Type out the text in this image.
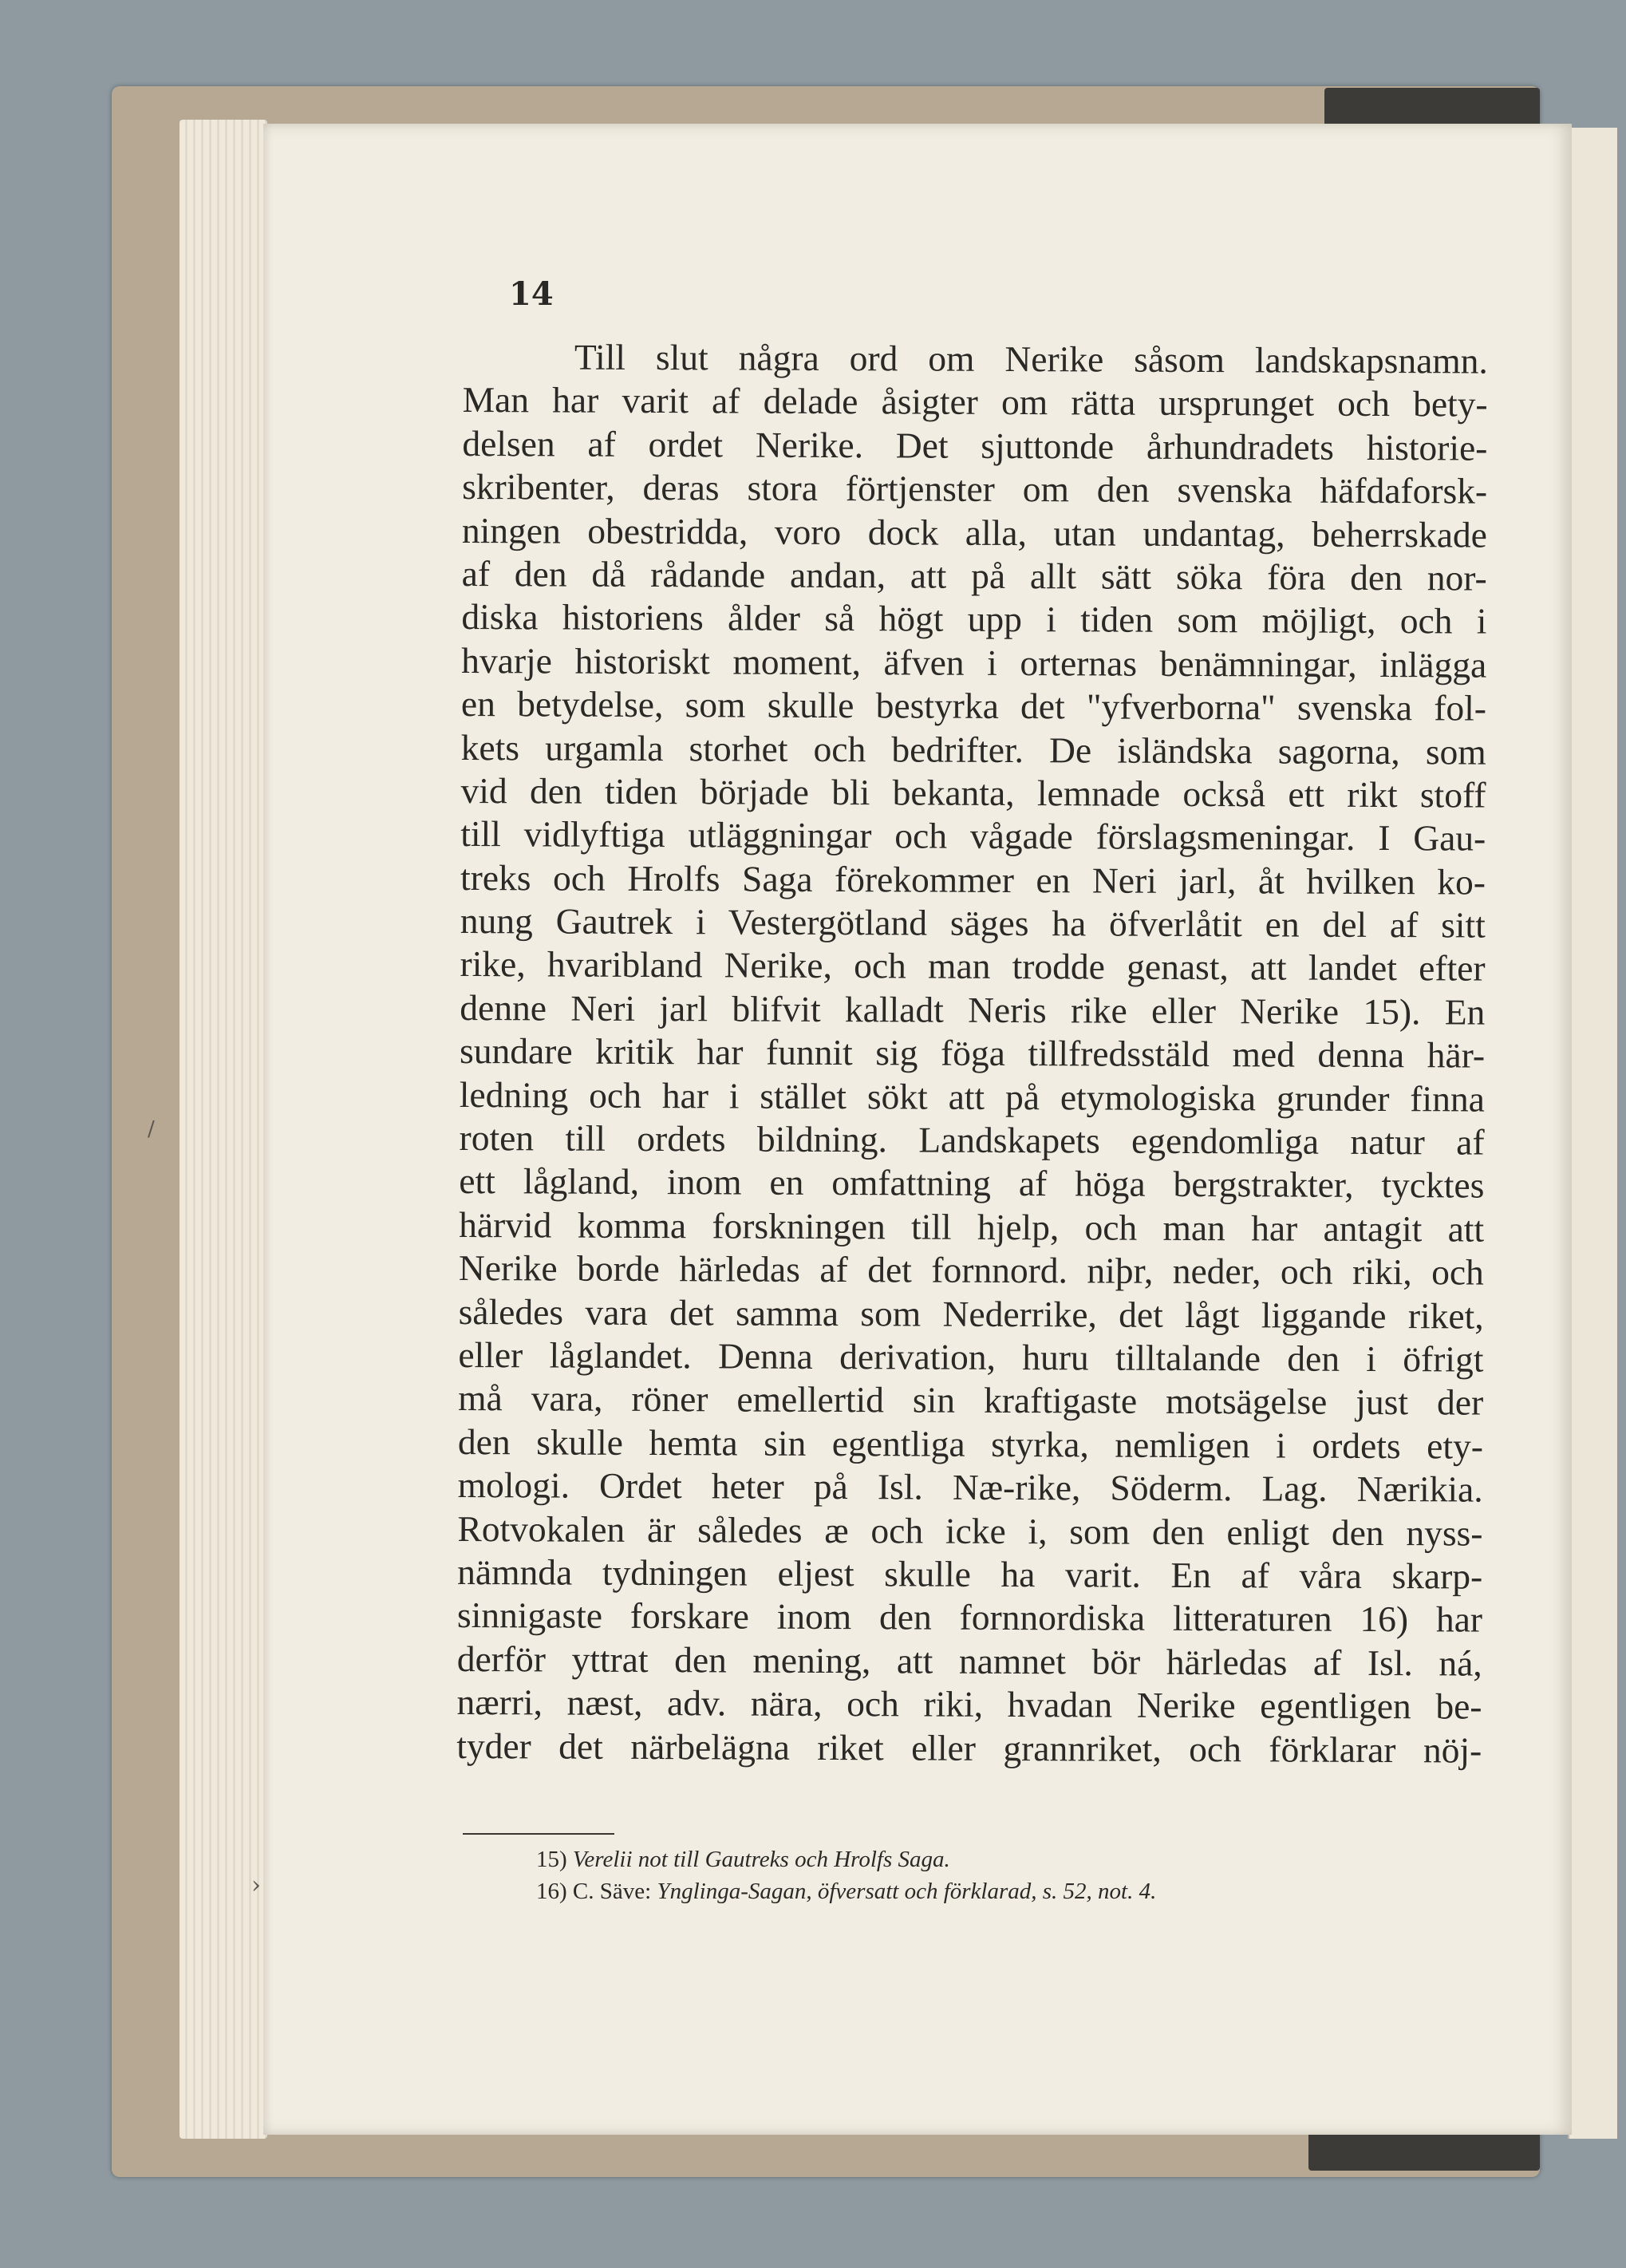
14
Till slut några ord om Nerike såsom landskapsnamn.
Man har varit af delade åsigter om rätta ursprunget och bety-
delsen af ordet Nerike. Det sjuttonde århundradets historie-
skribenter, deras stora förtjenster om den svenska häfdaforsk-
ningen obestridda, voro dock alla, utan undantag, beherrskade
af den då rådande andan, att på allt sätt söka föra den nor-
diska historiens ålder så högt upp i tiden som möjligt, och i
hvarje historiskt moment, äfven i orternas benämningar, inlägga
en betydelse, som skulle bestyrka det "yfverborna" svenska fol-
kets urgamla storhet och bedrifter. De isländska sagorna, som
vid den tiden började bli bekanta, lemnade också ett rikt stoff
till vidlyftiga utläggningar och vågade förslagsmeningar. I Gau-
treks och Hrolfs Saga förekommer en Neri jarl, åt hvilken ko-
nung Gautrek i Vestergötland säges ha öfverlåtit en del af sitt
rike, hvaribland Nerike, och man trodde genast, att landet efter
denne Neri jarl blifvit kalladt Neris rike eller Nerike 15). En
sundare kritik har funnit sig föga tillfredsstäld med denna här-
ledning och har i stället sökt att på etymologiska grunder finna
roten till ordets bildning. Landskapets egendomliga natur af
ett lågland, inom en omfattning af höga bergstrakter, tycktes
härvid komma forskningen till hjelp, och man har antagit att
Nerike borde härledas af det fornnord. niþr, neder, och riki, och
således vara det samma som Nederrike, det lågt liggande riket,
eller låglandet. Denna derivation, huru tilltalande den i öfrigt
må vara, röner emellertid sin kraftigaste motsägelse just der
den skulle hemta sin egentliga styrka, nemligen i ordets ety-
mologi. Ordet heter på Isl. Næ-rike, Söderm. Lag. Nærikia.
Rotvokalen är således æ och icke i, som den enligt den nyss-
nämnda tydningen eljest skulle ha varit. En af våra skarp-
sinnigaste forskare inom den fornnordiska litteraturen 16) har
derför yttrat den mening, att namnet bör härledas af Isl. ná,
nærri, næst, adv. nära, och riki, hvadan Nerike egentligen be-
tyder det närbelägna riket eller grannriket, och förklarar nöj-
15) Verelii not till Gautreks och Hrolfs Saga.
16) C. Säve: Ynglinga-Sagan, öfversatt och förklarad, s. 52, not. 4.
›
/
